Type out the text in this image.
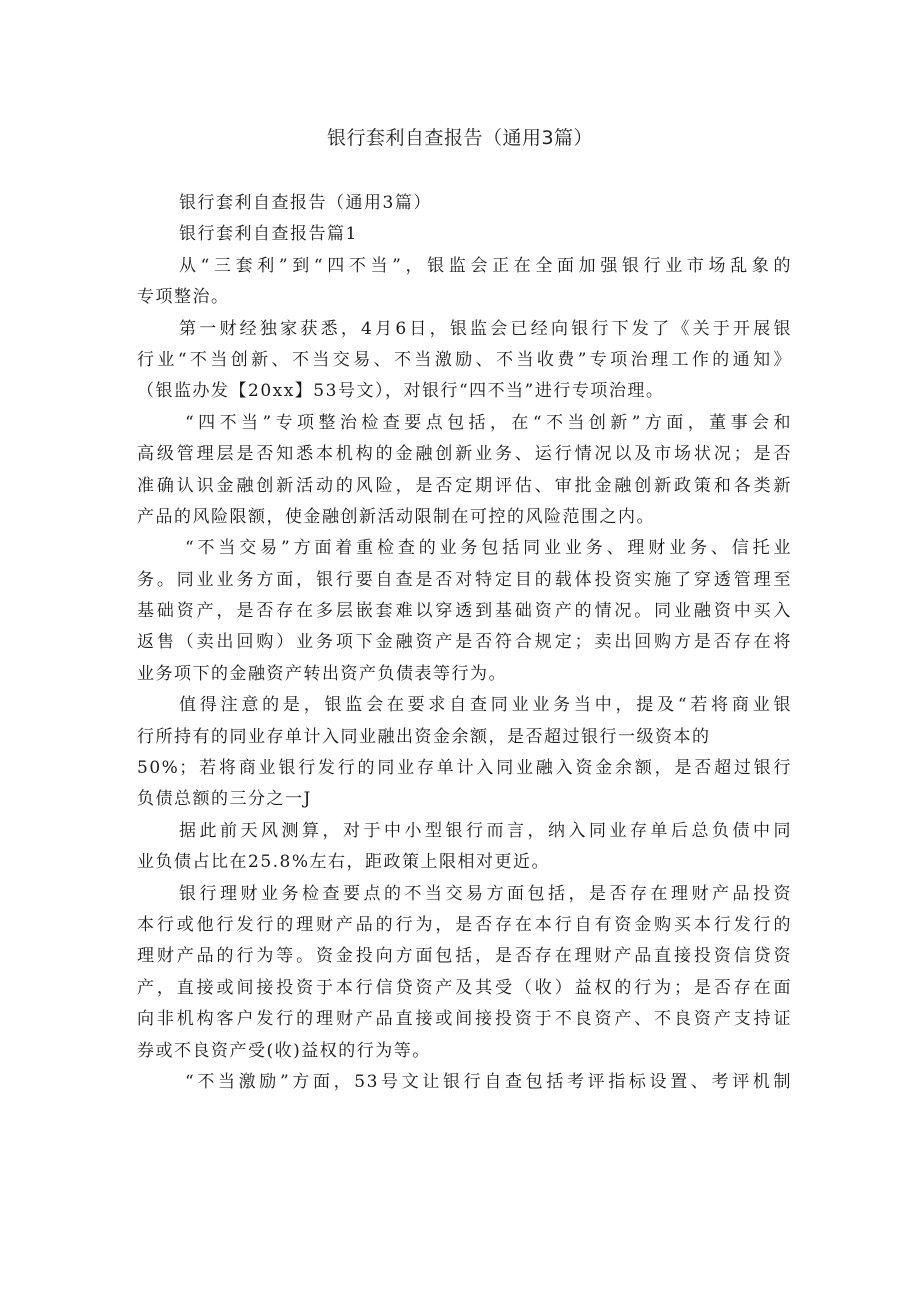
银行套利自查报告（通用3篇）
银行套利自查报告（通用3篇）
银行套利自查报告篇1
从“三套利”到“四不当”，银监会正在全面加强银行业市场乱象的
专项整治。
第一财经独家获悉，4月6日，银监会已经向银行下发了《关于开展银
行业“不当创新、不当交易、不当激励、不当收费”专项治理工作的通知》
（银监办发【20xx】53号文），对银行“四不当”进行专项治理。
“四不当”专项整治检查要点包括，在“不当创新”方面，董事会和
高级管理层是否知悉本机构的金融创新业务、运行情况以及市场状况；是否
准确认识金融创新活动的风险，是否定期评估、审批金融创新政策和各类新
产品的风险限额，使金融创新活动限制在可控的风险范围之内。
“不当交易”方面着重检查的业务包括同业业务、理财业务、信托业
务。同业业务方面，银行要自查是否对特定目的载体投资实施了穿透管理至
基础资产，是否存在多层嵌套难以穿透到基础资产的情况。同业融资中买入
返售（卖出回购）业务项下金融资产是否符合规定；卖出回购方是否存在将
业务项下的金融资产转出资产负债表等行为。
值得注意的是，银监会在要求自查同业业务当中，提及“若将商业银
行所持有的同业存单计入同业融出资金余额，是否超过银行一级资本的
50%；若将商业银行发行的同业存单计入同业融入资金余额，是否超过银行
负债总额的三分之一J
据此前天风测算，对于中小型银行而言，纳入同业存单后总负债中同
业负债占比在25.8%左右，距政策上限相对更近。
银行理财业务检查要点的不当交易方面包括，是否存在理财产品投资
本行或他行发行的理财产品的行为，是否存在本行自有资金购买本行发行的
理财产品的行为等。资金投向方面包括，是否存在理财产品直接投资信贷资
产，直接或间接投资于本行信贷资产及其受（收）益权的行为；是否存在面
向非机构客户发行的理财产品直接或间接投资于不良资产、不良资产支持证
券或不良资产受(收)益权的行为等。
“不当激励”方面，53号文让银行自查包括考评指标设置、考评机制
